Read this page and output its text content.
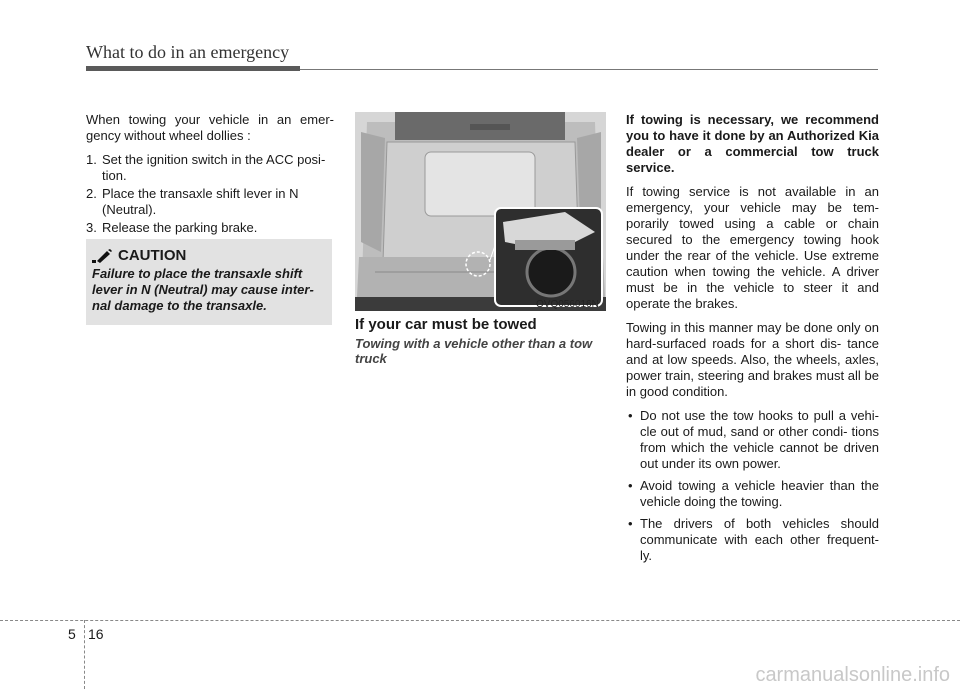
What to do in an emergency

When towing your vehicle in an emer- gency without wheel dollies :

1. Set the ignition switch in the ACC posi- tion.
2. Place the transaxle shift lever in N (Neutral).
3. Release the parking brake.
CAUTION
Failure to place the transaxle shift lever in N (Neutral) may cause inter- nal damage to the transaxle.	OVQ056016N
If your car must be towed
Towing with a vehicle other than a tow truck

If towing is necessary, we recommend you to have it done by an Authorized Kia dealer or a commercial tow truck service.

If towing service is not available in an emergency, your vehicle may be tem- porarily towed using a cable or chain secured to the emergency towing hook under the rear of the vehicle. Use extreme caution when towing the vehicle. A driver must be in the vehicle to steer it and operate the brakes.

Towing in this manner may be done only on hard-surfaced roads for a short dis- tance and at low speeds. Also, the wheels, axles, power train, steering and brakes must all be in good condition.

• Do not use the tow hooks to pull a vehi- cle out of mud, sand or other condi- tions from which the vehicle cannot be driven out under its own power.
• Avoid towing a vehicle heavier than the vehicle doing the towing.
• The drivers of both vehicles should communicate with each other frequent- ly.
5 16
carmanualsonline.info
